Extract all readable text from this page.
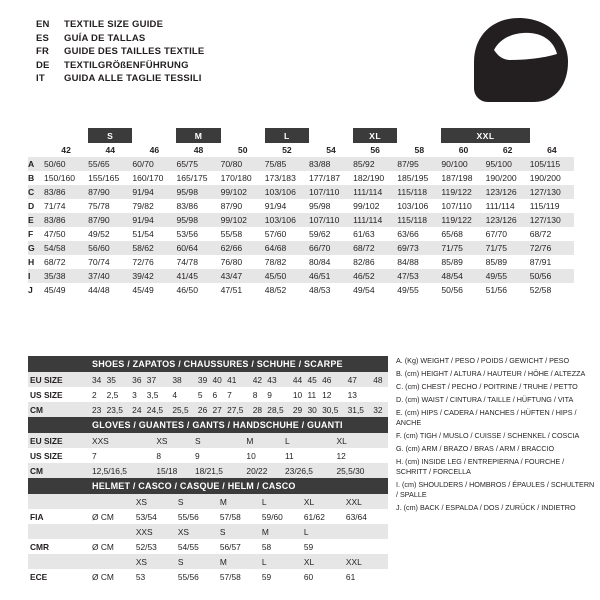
EN	TEXTILE SIZE GUIDE
ES	GUÍA DE TALLAS
FR	GUIDE DES TAILLES TEXTILE
DE	TEXTILGRÖßENFÜHRUNG
IT	GUIDA ALLE TAGLIE TESSILI
		S		M		L		XL		XXL		
	42	44	46	48	50	52	54	56	58	60	62	64
A	50/60	55/65	60/70	65/75	70/80	75/85	83/88	85/92	87/95	90/100	95/100	105/115
B	150/160	155/165	160/170	165/175	170/180	173/183	177/187	182/190	185/195	187/198	190/200	190/200
C	83/86	87/90	91/94	95/98	99/102	103/106	107/110	111/114	115/118	119/122	123/126	127/130
D	71/74	75/78	79/82	83/86	87/90	91/94	95/98	99/102	103/106	107/110	111/114	115/119
E	83/86	87/90	91/94	95/98	99/102	103/106	107/110	111/114	115/118	119/122	123/126	127/130
F	47/50	49/52	51/54	53/56	55/58	57/60	59/62	61/63	63/66	65/68	67/70	68/72
G	54/58	56/60	58/62	60/64	62/66	64/68	66/70	68/72	69/73	71/75	71/75	72/76
H	68/72	70/74	72/76	74/78	76/80	78/82	80/84	82/86	84/88	85/89	85/89	87/91
I	35/38	37/40	39/42	41/45	43/47	45/50	46/51	46/52	47/53	48/54	49/55	50/56
J	45/49	44/48	45/49	46/50	47/51	48/52	48/53	49/54	49/55	50/56	51/56	52/58
SHOES / ZAPATOS / CHAUSSURES / SCHUHE / SCARPE
EU SIZE	34	35	36	37	38	39	40	41	42	43	44	45	46	47	48
US SIZE	2	2,5	3	3,5	4	5	6	7	8	9	10	11	12	13	
CM	23	23,5	24	24,5	25,5	26	27	27,5	28	28,5	29	30	30,5	31,5	32
GLOVES / GUANTES / GANTS / HANDSCHUHE / GUANTI
EU SIZE	XXS	XS	S	M	L	XL
US SIZE	7	8	9	10	11	12
CM	12,5/16,5	15/18	18/21,5	20/22	23/26,5	25,5/30
HELMET / CASCO / CASQUE / HELM / CASCO
		XS	S	M	L	XL	XXL
FIA	Ø CM	53/54	55/56	57/58	59/60	61/62	63/64
		XXS	XS	S	M	L	
CMR	Ø CM	52/53	54/55	56/57	58	59	
		XS	S	M	L	XL	XXL
ECE	Ø CM	53	55/56	57/58	59	60	61

A. (Kg) WEIGHT / PESO / POIDS / GEWICHT / PESO

B. (cm) HEIGHT / ALTURA / HAUTEUR / HÖHE / ALTEZZA

C. (cm) CHEST / PECHO / POITRINE / TRUHE / PETTO

D. (cm) WAIST / CINTURA / TAILLE / HÜFTUNG / VITA

E. (cm) HIPS / CADERA / HANCHES / HÜFTEN / HIPS / ANCHE

F. (cm) TIGH / MUSLO / CUISSE / SCHENKEL / COSCIA

G. (cm) ARM / BRAZO / BRAS / ARM / BRACCIO

H. (cm) INSIDE LEG / ENTREPIERNA / FOURCHE / SCHRITT / FORCELLA

I. (cm) SHOULDERS / HOMBROS / ÉPAULES / SCHULTERN / SPALLE

J. (cm) BACK / ESPALDA / DOS / ZURÜCK / INDIETRO
